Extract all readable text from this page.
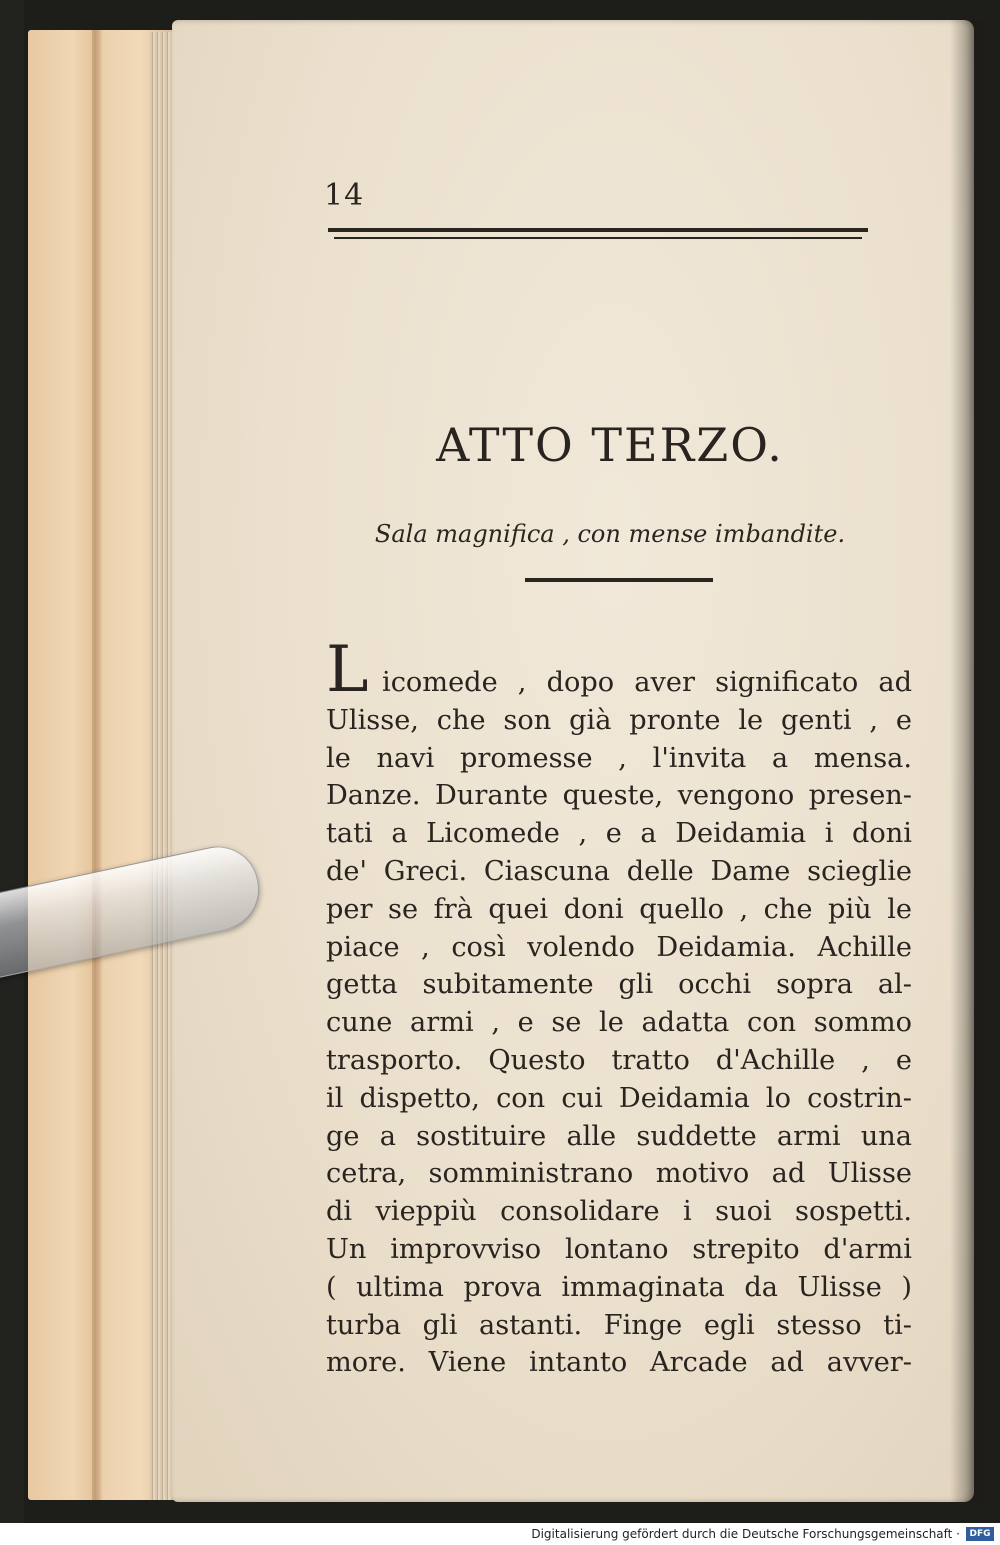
14
ATTO TERZO.
Sala magnifica , con mense imbandite.
L icomede , dopo aver significato ad
Ulisse, che son già pronte le genti , e
le navi promesse , l'invita a mensa.
Danze. Durante queste, vengono presen-
tati a Licomede , e a Deidamia i doni
de' Greci. Ciascuna delle Dame scieglie
per se frà quei doni quello , che più le
piace , così volendo Deidamia. Achille
getta subitamente gli occhi sopra al-
cune armi , e se le adatta con sommo
trasporto. Questo tratto d'Achille , e
il dispetto, con cui Deidamia lo costrin-
ge a sostituire alle suddette armi una
cetra, somministrano motivo ad Ulisse
di vieppiù consolidare i suoi sospetti.
Un improvviso lontano strepito d'armi
( ultima prova immaginata da Ulisse )
turba gli astanti. Finge egli stesso ti-
more. Viene intanto Arcade ad avver-
Digitalisierung gefördert durch die Deutsche Forschungsgemeinschaft ·	DFG
